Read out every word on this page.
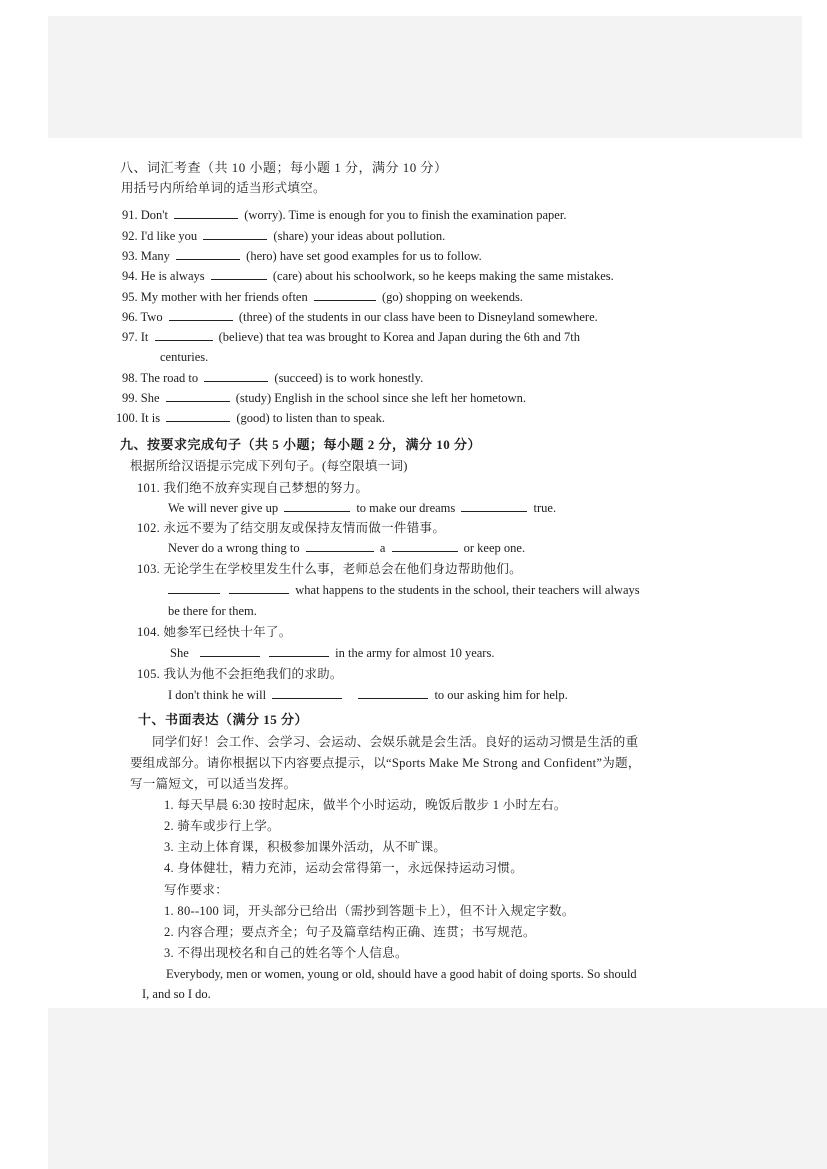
八、词汇考查（共 10 小题；每小题 1 分，满分 10 分）
用括号内所给单词的适当形式填空。
91. Don't	(worry). Time is enough for you to finish the examination paper.
92. I'd like you	(share) your ideas about pollution.
93. Many	(hero) have set good examples for us to follow.
94. He is always	(care) about his schoolwork, so he keeps making the same mistakes.
95. My mother with her friends often	(go) shopping on weekends.
96. Two	(three) of the students in our class have been to Disneyland somewhere.
97. It	(believe) that tea was brought to Korea and Japan during the 6th and 7th
centuries.
98. The road to	(succeed) is to work honestly.
99. She	(study) English in the school since she left her hometown.
100. It is	(good) to listen than to speak.
九、按要求完成句子（共 5 小题；每小题 2 分，满分 10 分）
根据所给汉语提示完成下列句子。(每空限填一词)
101. 我们绝不放弃实现自己梦想的努力。
We will never give up	to make our dreams	true.
102. 永远不要为了结交朋友或保持友情而做一件错事。
Never do a wrong thing to	a	or keep one.
103. 无论学生在学校里发生什么事，老师总会在他们身边帮助他们。
what happens to the students in the school, their teachers will always
be there for them.
104. 她参军已经快十年了。
She	in the army for almost 10 years.
105. 我认为他不会拒绝我们的求助。
I don't think he will	to our asking him for help.
十、书面表达（满分 15 分）
同学们好！会工作、会学习、会运动、会娱乐就是会生活。良好的运动习惯是生活的重
要组成部分。请你根据以下内容要点提示，以“Sports Make Me Strong and Confident”为题，
写一篇短文，可以适当发挥。
1. 每天早晨 6:30 按时起床，做半个小时运动，晚饭后散步 1 小时左右。
2. 骑车或步行上学。
3. 主动上体育课，积极参加课外活动，从不旷课。
4. 身体健壮，精力充沛，运动会常得第一，永远保持运动习惯。
写作要求：
1. 80--100 词，开头部分已给出（需抄到答题卡上），但不计入规定字数。
2. 内容合理；要点齐全；句子及篇章结构正确、连贯；书写规范。
3. 不得出现校名和自己的姓名等个人信息。
Everybody, men or women, young or old, should have a good habit of doing sports. So should
I, and so I do.
